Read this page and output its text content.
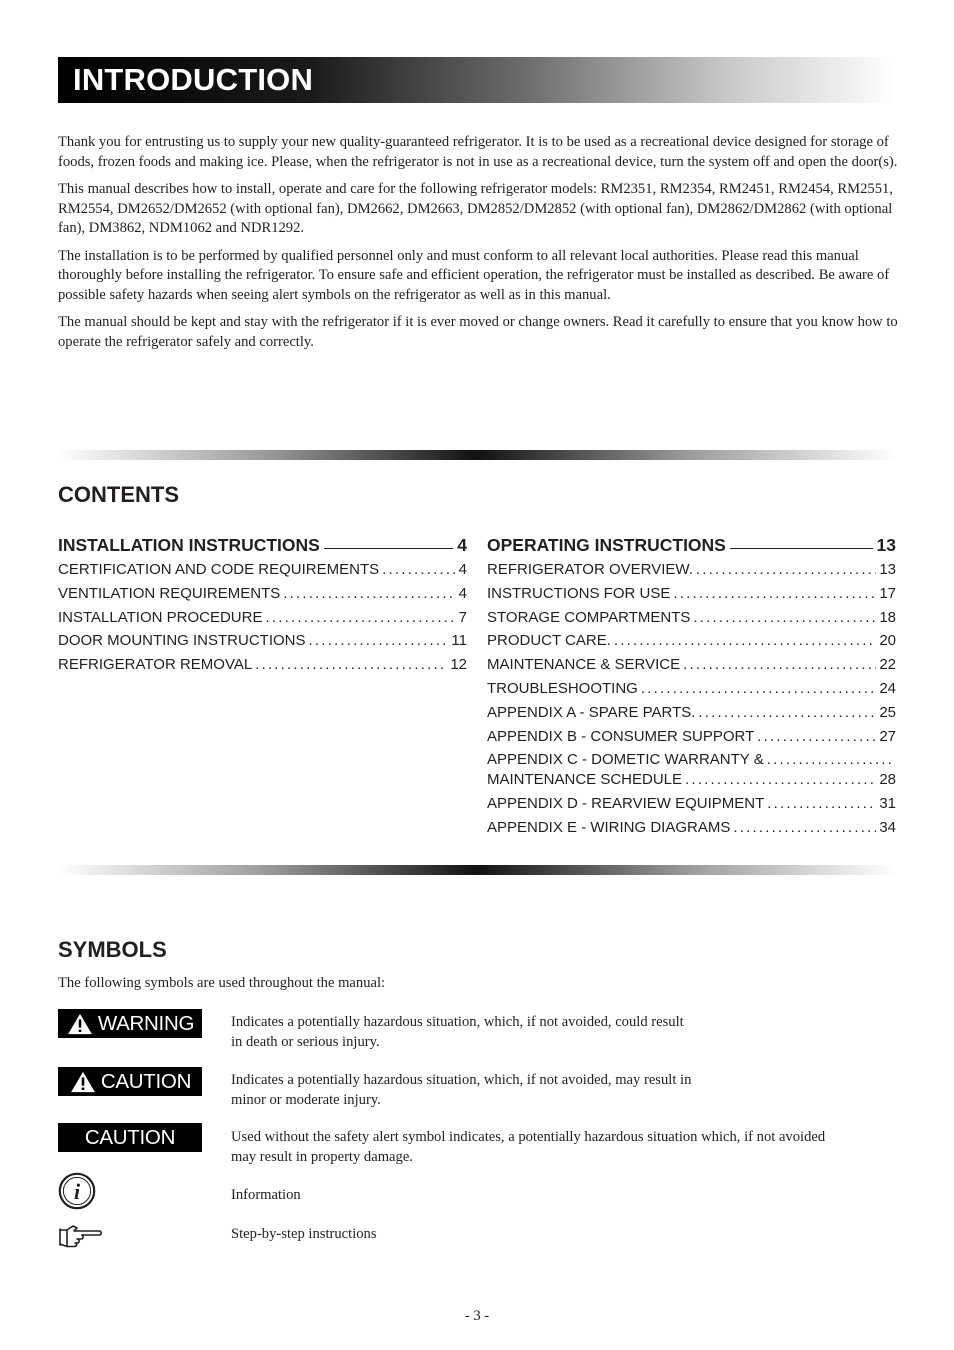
INTRODUCTION

Thank you for entrusting us to supply your new quality-guaranteed refrigerator. It is to be used as a recreational device designed for storage of foods, frozen foods and making ice. Please, when the refrigerator is not in use as a recreational device, turn the system off and open the door(s).

This manual describes how to install, operate and care for the following refrigerator models: RM2351, RM2354, RM2451, RM2454, RM2551, RM2554, DM2652/DM2652 (with optional fan), DM2662, DM2663, DM2852/DM2852 (with optional fan), DM2862/DM2862 (with optional fan), DM3862, NDM1062 and NDR1292.

The installation is to be performed by qualified personnel only and must conform to all relevant local authorities. Please read this manual thoroughly before installing the refrigerator. To ensure safe and efficient operation, the refrigerator must be installed as described. Be aware of possible safety hazards when seeing alert symbols on the refrigerator as well as in this manual.

The manual should be kept and stay with the refrigerator if it is ever moved or change owners. Read it carefully to ensure that you know how to operate the refrigerator safely and correctly.

CONTENTS
INSTALLATION INSTRUCTIONS	4
CERTIFICATION AND CODE REQUIREMENTS .....	4
VENTILATION REQUIREMENTS .....	4
INSTALLATION PROCEDURE .....	7
DOOR MOUNTING INSTRUCTIONS .....	11
REFRIGERATOR REMOVAL .....	12
OPERATING INSTRUCTIONS	13
REFRIGERATOR OVERVIEW. .....	13
INSTRUCTIONS FOR USE .....	17
STORAGE COMPARTMENTS .....	18
PRODUCT CARE. .....	20
MAINTENANCE & SERVICE .....	22
TROUBLESHOOTING .....	24
APPENDIX A - SPARE PARTS. .....	25
APPENDIX B - CONSUMER SUPPORT .....	27
APPENDIX C - DOMETIC WARRANTY &
.....
MAINTENANCE SCHEDULE .....	28
APPENDIX D - REARVIEW EQUIPMENT .....	31
APPENDIX E - WIRING DIAGRAMS .....	34
SYMBOLS
The following symbols are used throughout the manual:
WARNING	Indicates a potentially hazardous situation, which, if not avoided, could result
in death or serious injury.
CAUTION	Indicates a potentially hazardous situation, which, if not avoided, may result in
minor or moderate injury.
CAUTION	Used without the safety alert symbol indicates, a potentially hazardous situation which, if not avoided
may result in property damage.
i	Information
Step-by-step instructions
- 3 -
